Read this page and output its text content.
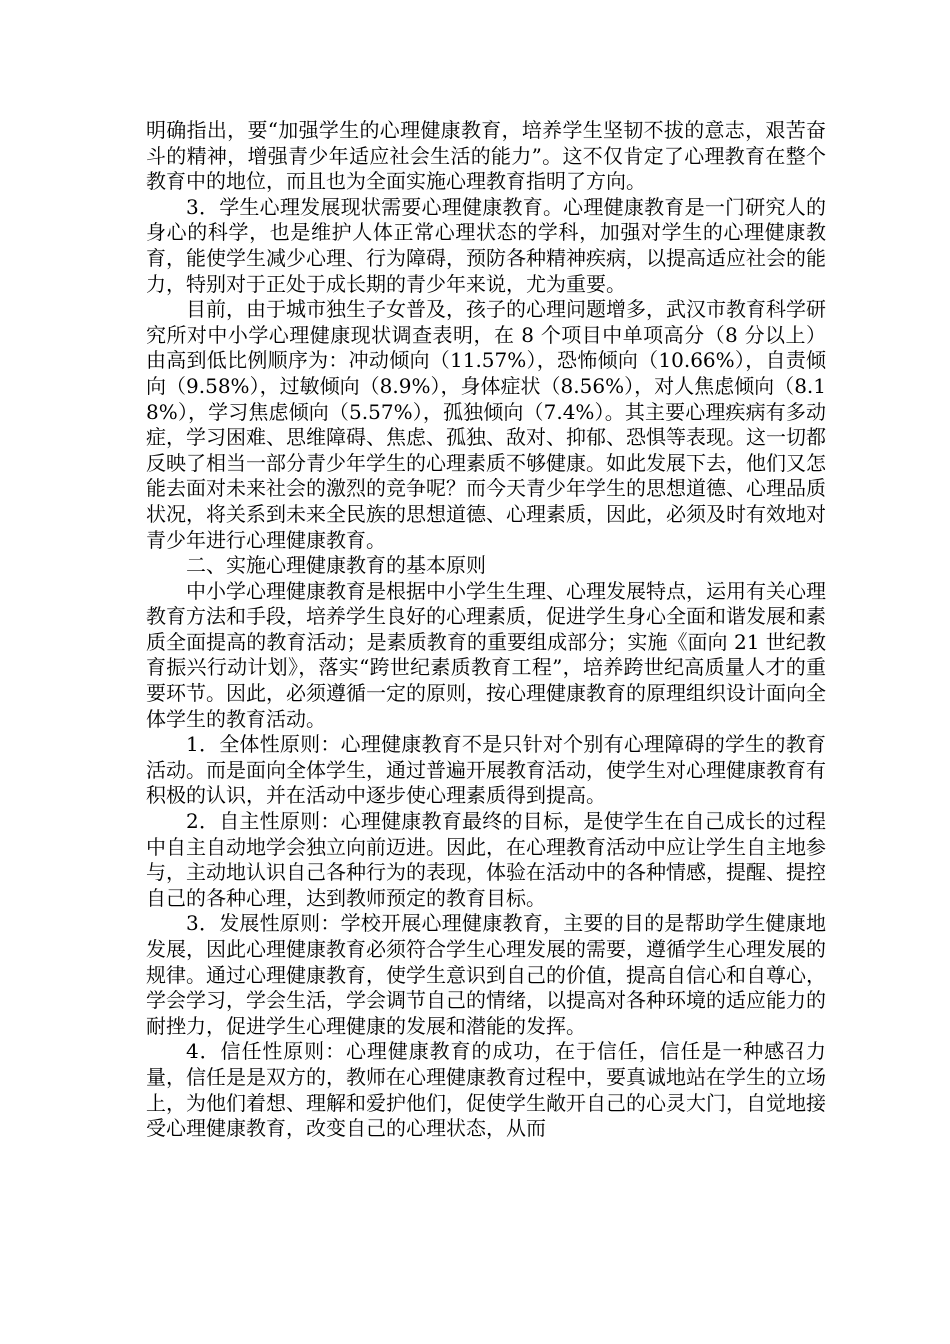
明确指出，要“加强学生的心理健康教育，培养学生坚韧不拔的意志，艰苦奋斗的精神，增强青少年适应社会生活的能力”。这不仅肯定了心理教育在整个教育中的地位，而且也为全面实施心理教育指明了方向。

3．学生心理发展现状需要心理健康教育。心理健康教育是一门研究人的身心的科学，也是维护人体正常心理状态的学科，加强对学生的心理健康教育，能使学生减少心理、行为障碍，预防各种精神疾病，以提高适应社会的能力，特别对于正处于成长期的青少年来说，尤为重要。

目前，由于城市独生子女普及，孩子的心理问题增多，武汉市教育科学研究所对中小学心理健康现状调查表明，在 8 个项目中单项高分（8 分以上）由高到低比例顺序为：冲动倾向（11.57%），恐怖倾向（10.66%），自责倾向（9.58%），过敏倾向（8.9%），身体症状（8.56%），对人焦虑倾向（8.18%），学习焦虑倾向（5.57%），孤独倾向（7.4%）。其主要心理疾病有多动症，学习困难、思维障碍、焦虑、孤独、敌对、抑郁、恐惧等表现。这一切都反映了相当一部分青少年学生的心理素质不够健康。如此发展下去，他们又怎能去面对未来社会的激烈的竞争呢？而今天青少年学生的思想道德、心理品质状况，将关系到未来全民族的思想道德、心理素质，因此，必须及时有效地对青少年进行心理健康教育。

二、实施心理健康教育的基本原则

中小学心理健康教育是根据中小学生生理、心理发展特点，运用有关心理教育方法和手段，培养学生良好的心理素质，促进学生身心全面和谐发展和素质全面提高的教育活动；是素质教育的重要组成部分；实施《面向 21 世纪教育振兴行动计划》，落实“跨世纪素质教育工程”，培养跨世纪高质量人才的重要环节。因此，必须遵循一定的原则，按心理健康教育的原理组织设计面向全体学生的教育活动。

1．全体性原则：心理健康教育不是只针对个别有心理障碍的学生的教育活动。而是面向全体学生，通过普遍开展教育活动，使学生对心理健康教育有积极的认识，并在活动中逐步使心理素质得到提高。

2．自主性原则：心理健康教育最终的目标，是使学生在自己成长的过程中自主自动地学会独立向前迈进。因此，在心理教育活动中应让学生自主地参与，主动地认识自己各种行为的表现，体验在活动中的各种情感，提醒、提控自己的各种心理，达到教师预定的教育目标。

3．发展性原则：学校开展心理健康教育，主要的目的是帮助学生健康地发展，因此心理健康教育必须符合学生心理发展的需要，遵循学生心理发展的规律。通过心理健康教育，使学生意识到自己的价值，提高自信心和自尊心，学会学习，学会生活，学会调节自己的情绪，以提高对各种环境的适应能力的耐挫力，促进学生心理健康的发展和潜能的发挥。

4．信任性原则：心理健康教育的成功，在于信任，信任是一种感召力量，信任是是双方的，教师在心理健康教育过程中，要真诚地站在学生的立场上，为他们着想、理解和爱护他们，促使学生敞开自己的心灵大门，自觉地接受心理健康教育，改变自己的心理状态，从而
